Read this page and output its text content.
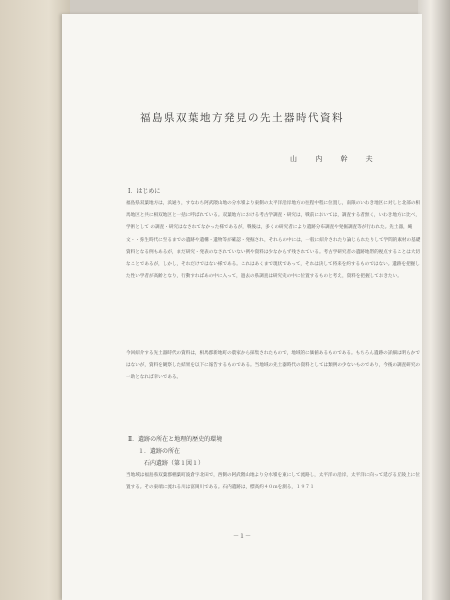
福島県双葉地方発見の先土器時代資料
山 内 幹 夫
Ⅰ．はじめに
福島県双葉地方は，浜通り，すなわち阿武隈山地の分水嶺より東側の太平洋沿岸地方の往程中程に位置し，南限のいわき地区に対しと北部の相馬地区と共に相双地区と一括に呼ばれている。双葉地方における考古学調査・研究は，戦前においては，調査する者無く，いわき地方に比べ，学術として の調査・研究はなされてなかった様であるが，戦後は，多くの研究者により遺跡分布調査や発掘調査等が行われた。先土器，縄文・・弥生時代に至るまでの遺跡や遺構・遺物等が確認・発掘され，それらの中には，一般に紹介されたり論じられたりして学問的素材の基礎資料となる例もあるが，まだ研究・発表のなされていない例や資料は少なからず残されている。考古学研究者の遺跡地帯的視点することは大切なことであるが，しかし，それだけではない様である。これはあくまで現状であって，それは決して将来を約するものではない。遺跡を把握した性い学者が高齢となり，行動すればあの中に入って，過去の県調査は研究史の中に位置するものと考え，資料を把握しておきたい。
今回紹介する先土器時代の資料は，相馬郡新地町の農家から採集されたもので，地域的に価値あるものである。もちろん遺跡の詳細は明らかではないが，資料を観察した結果を以下に報告するものである。当地域の先土器時代の資料としては類例の少ないものであり，今後の調査研究の一助となれば幸いである。
Ⅱ．遺跡の所在と地理的歴史的環境
１．遺跡の所在
石内遺跡（第１図１）
当地域は福島県双葉郡楢葉町波倉字北田で，西側の阿武隈山地より分水嶺を東にして流路し，太平洋の沿岸，太平洋に向って延びる丘陵上に位置する。その東端に流れる川は富岡川である。石内遺跡は，標高約４０ｍを測る，１９７１
－１－
